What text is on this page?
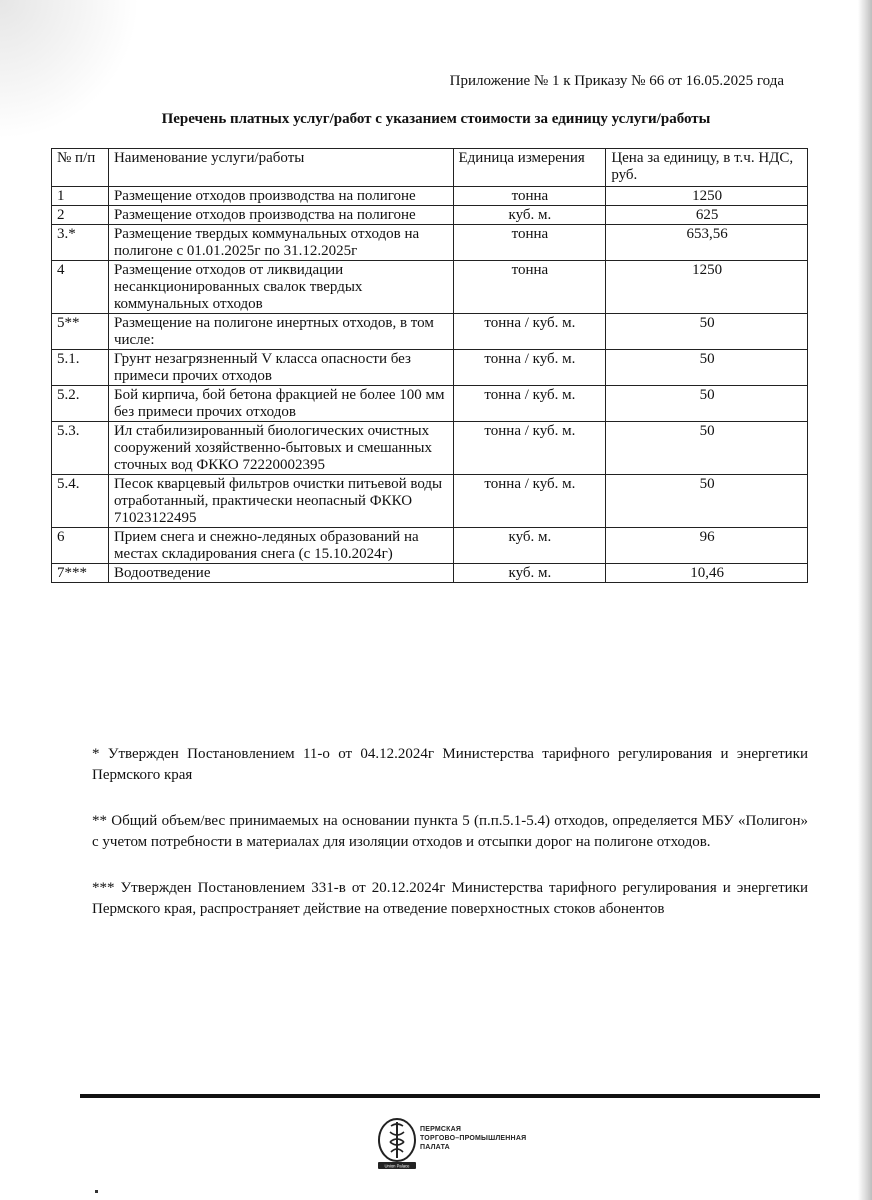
Приложение № 1 к Приказу № 66 от 16.05.2025 года
Перечень платных услуг/работ с указанием стоимости за единицу услуги/работы
№ п/п	Наименование услуги/работы	Единица измерения	Цена за единицу, в т.ч. НДС, руб.
1	Размещение отходов производства на полигоне	тонна	1250
2	Размещение отходов производства на полигоне	куб. м.	625
3.*	Размещение твердых коммунальных отходов на полигоне с 01.01.2025г по 31.12.2025г	тонна	653,56
4	Размещение отходов от ликвидации несанкционированных свалок твердых коммунальных отходов	тонна	1250
5**	Размещение на полигоне инертных отходов, в том числе:	тонна / куб. м.	50
5.1.	Грунт незагрязненный V класса опасности без примеси прочих отходов	тонна / куб. м.	50
5.2.	Бой кирпича, бой бетона фракцией не более 100 мм без примеси прочих отходов	тонна / куб. м.	50
5.3.	Ил стабилизированный биологических очистных сооружений хозяйственно-бытовых и смешанных сточных вод ФККО 72220002395	тонна / куб. м.	50
5.4.	Песок кварцевый фильтров очистки питьевой воды отработанный, практически неопасный ФККО 71023122495	тонна / куб. м.	50
6	Прием снега и снежно-ледяных образований на местах складирования снега (с 15.10.2024г)	куб. м.	96
7***	Водоотведение	куб. м.	10,46

* Утвержден Постановлением 11-о от 04.12.2024г Министерства тарифного регулирования и энергетики Пермского края

** Общий объем/вес принимаемых на основании пункта 5 (п.п.5.1-5.4) отходов, определяется МБУ «Полигон» с учетом потребности в материалах для изоляции отходов и отсыпки дорог на полигоне отходов.

*** Утвержден Постановлением 331-в от 20.12.2024г Министерства тарифного регулирования и энергетики Пермского края, распространяет действие на отведение поверхностных стоков абонентов

Union Palace
ПЕРМСКАЯ
ТОРГОВО–ПРОМЫШЛЕННАЯ
ПАЛАТА
